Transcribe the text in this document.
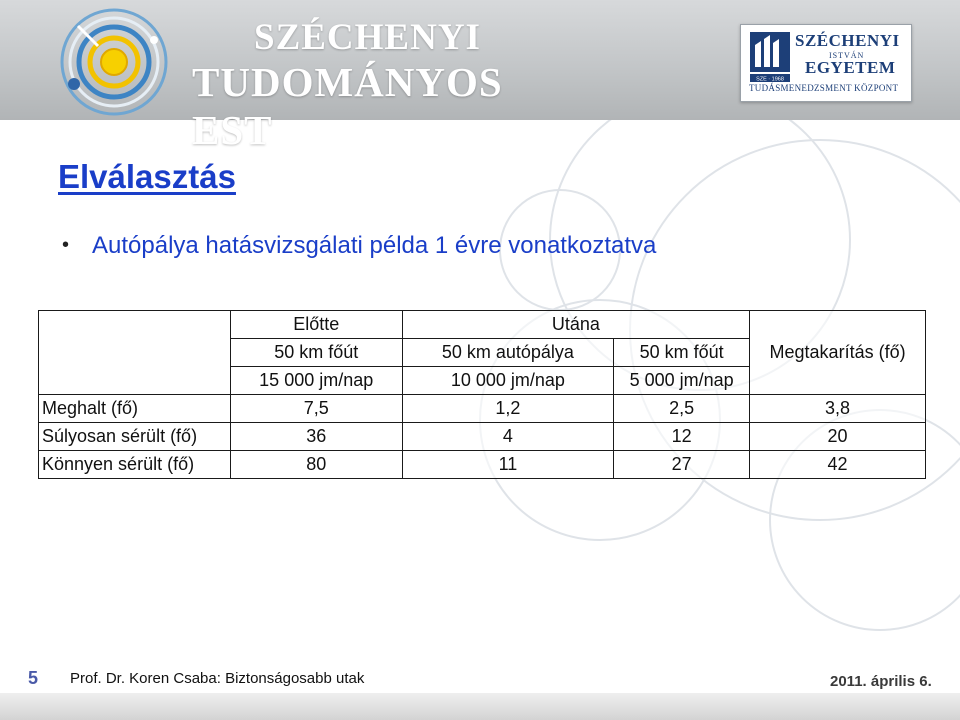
SZÉCHENYI
TUDOMÁNYOS EST
SZE · 1968
SZÉCHENYI
ISTVÁN
EGYETEM
TUDÁSMENEDZSMENT KÖZPONT
Elválasztás
• Autópálya hatásvizsgálati példa 1 évre vonatkoztatva
	Előtte	Utána		Megtakarítás (fő)
	50 km főút	50 km autópálya	50 km főút	
	15 000 jm/nap	10 000 jm/nap	5 000 jm/nap	
Meghalt (fő)	7,5	1,2	2,5	3,8
Súlyosan sérült (fő)	36	4	12	20
Könnyen sérült (fő)	80	11	27	42
5 Prof. Dr. Koren Csaba: Biztonságosabb utak	2011. április 6.
